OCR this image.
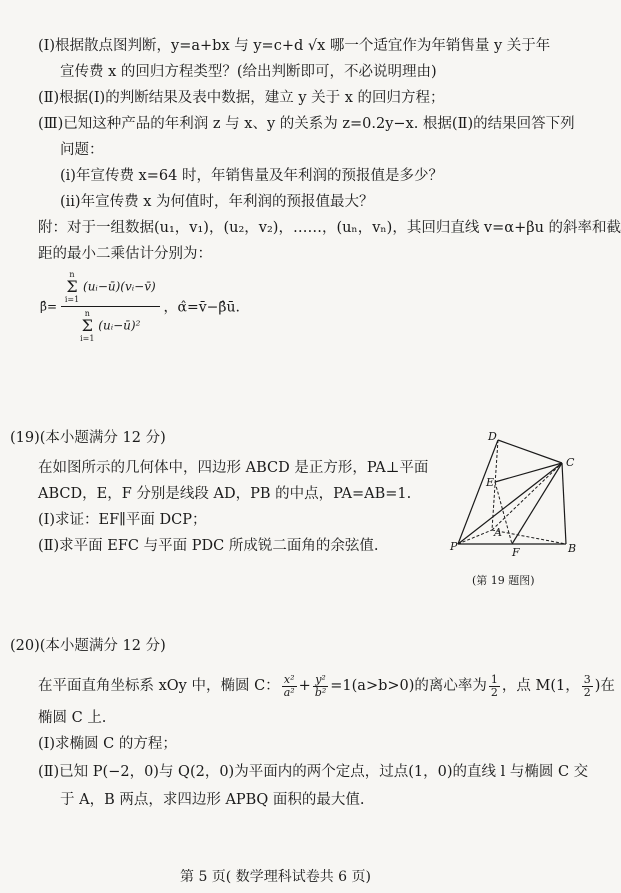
(Ⅰ)根据散点图判断，y=a+bx 与 y=c+d √x 哪一个适宜作为年销售量 y 关于年
宣传费 x 的回归方程类型？(给出判断即可，不必说明理由)
(Ⅱ)根据(Ⅰ)的判断结果及表中数据，建立 y 关于 x 的回归方程；
(Ⅲ)已知这种产品的年利润 z 与 x、y 的关系为 z=0.2y−x. 根据(Ⅱ)的结果回答下列
问题：
(ⅰ)年宣传费 x=64 时，年销售量及年利润的预报值是多少？
(ⅱ)年宣传费 x 为何值时，年利润的预报值最大？
附：对于一组数据(u₁，v₁)，(u₂，v₂)，……，(uₙ，vₙ)，其回归直线 v=α+βu 的斜率和截
距的最小二乘估计分别为：
β̂= n
Σ
i=1 (uᵢ−ū)(vᵢ−v̄)
n
Σ
i=1 (uᵢ−ū)² ，α̂=v̄−β̂ū.
(19)(本小题满分 12 分)
在如图所示的几何体中，四边形 ABCD 是正方形，PA⊥平面
ABCD，E，F 分别是线段 AD，PB 的中点，PA=AB=1.
(Ⅰ)求证：EF∥平面 DCP；
(Ⅱ)求平面 EFC 与平面 PDC 所成锐二面角的余弦值.
D
C
E
A
P	F	B
(第 19 题图)
(20)(本小题满分 12 分)
在平面直角坐标系 xOy 中，椭圆 C： $\frac{\text{x²}}{\text{a²}} + \frac{\text{y²}}{\text{b²}} =1(a>b>0)$的离心率为 $\frac{1}{2}$ ，点 M(1， $\frac{3}{2}$ )在
椭圆 C 上.
(Ⅰ)求椭圆 C 的方程；
(Ⅱ)已知 P(−2，0)与 Q(2，0)为平面内的两个定点，过点(1，0)的直线 l 与椭圆 C 交
于 A，B 两点，求四边形 APBQ 面积的最大值.
第 5 页( 数学理科试卷共 6 页)
